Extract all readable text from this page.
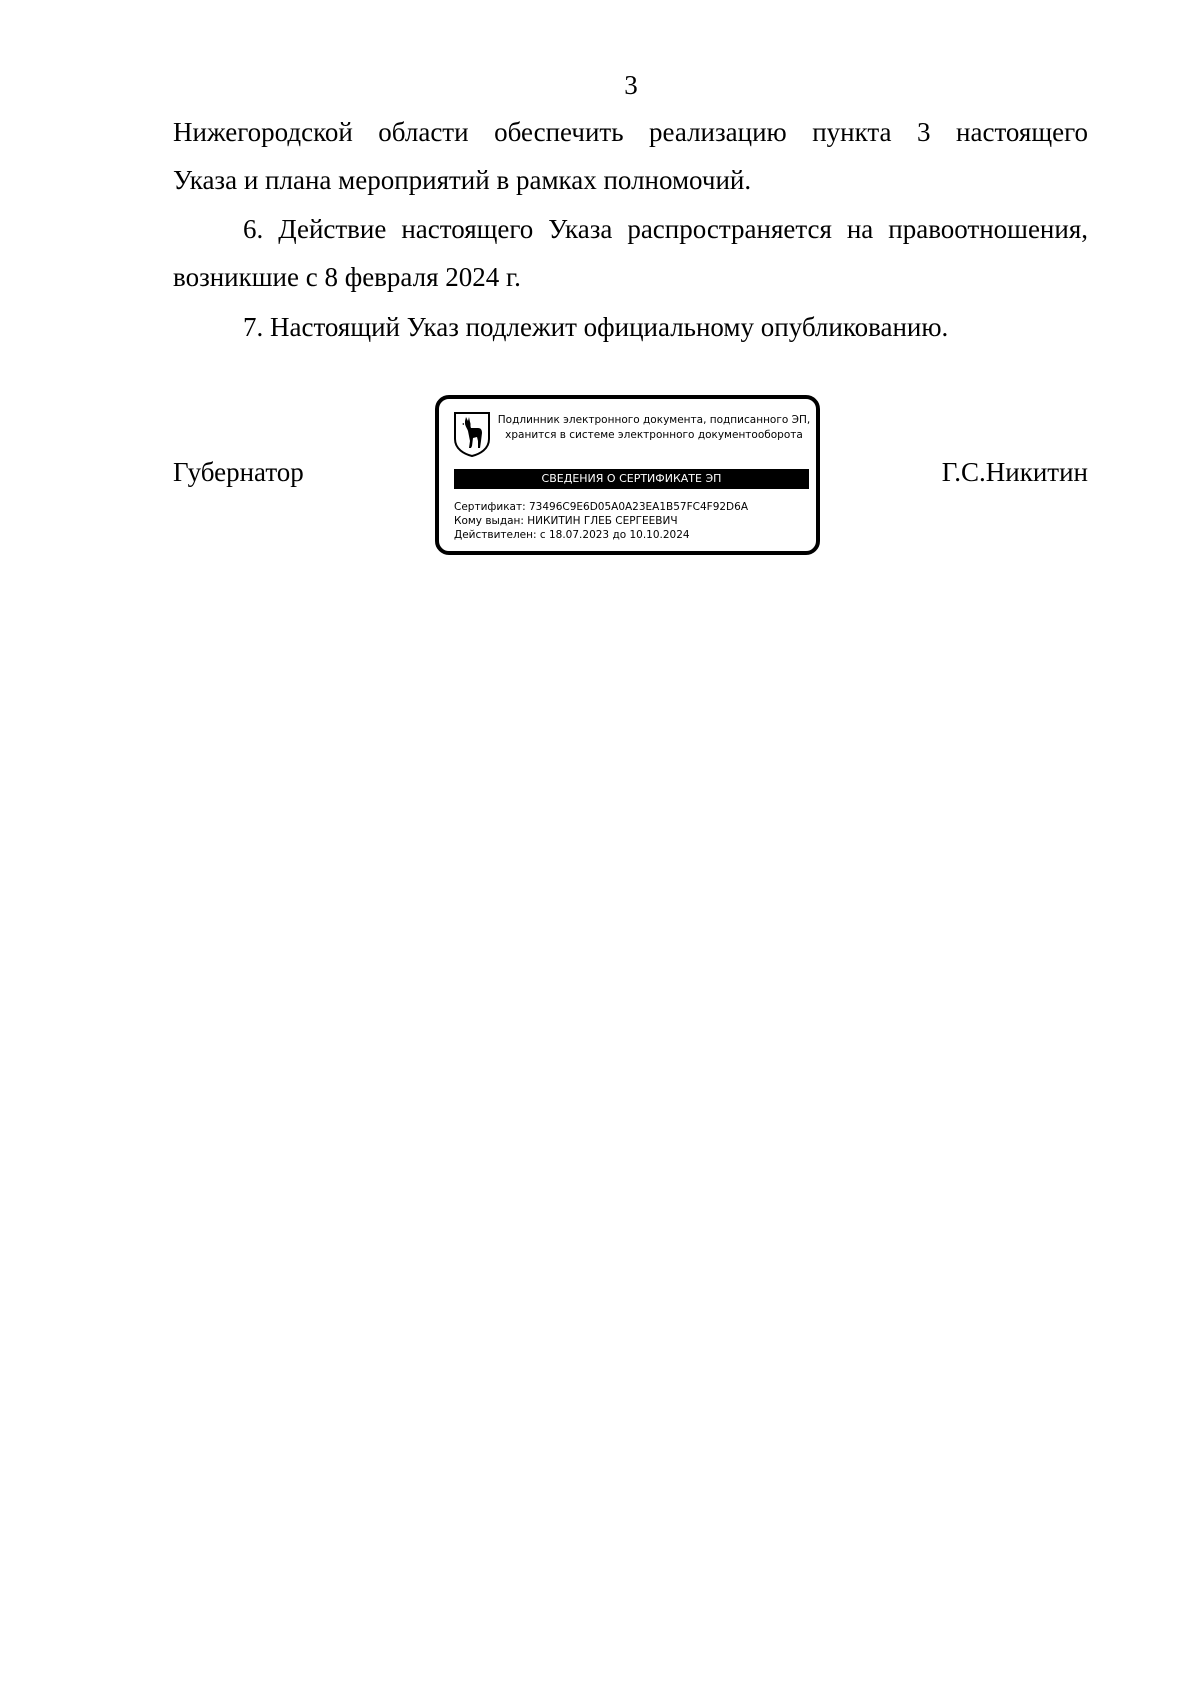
3

Нижегородской области обеспечить реализацию пункта 3 настоящего
Указа и плана мероприятий в рамках полномочий.

6. Действие настоящего Указа распространяется на правоотношения,
возникшие с 8 февраля 2024 г.

7. Настоящий Указ подлежит официальному опубликованию.

Губернатор	Г.С.Никитин
Подлинник электронного документа, подписанного ЭП,
хранится в системе электронного документооборота
СВЕДЕНИЯ О СЕРТИФИКАТЕ ЭП
Сертификат: 73496C9E6D05A0A23EA1B57FC4F92D6A
Кому выдан: НИКИТИН ГЛЕБ СЕРГЕЕВИЧ
Действителен: с 18.07.2023 до 10.10.2024
